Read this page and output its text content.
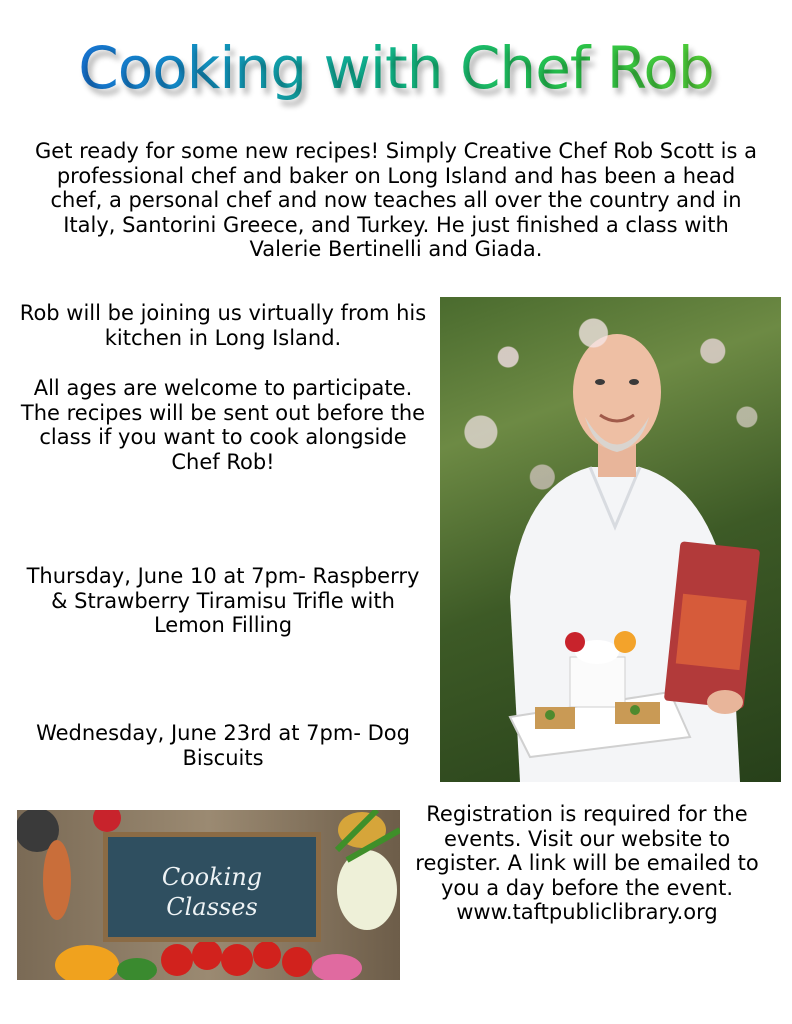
Cooking with Chef Rob

Get ready for some new recipes! Simply Creative Chef Rob Scott is a professional chef and baker on Long Island and has been a head chef, a personal chef and now teaches all over the country and in Italy, Santorini Greece, and Turkey. He just finished a class with Valerie Bertinelli and Giada.

Rob will be joining us virtually from his kitchen in Long Island.

All ages are welcome to participate. The recipes will be sent out before the class if you want to cook alongside Chef Rob!

Thursday, June 10 at 7pm- Raspberry & Strawberry Tiramisu Trifle with Lemon Filling

Wednesday, June 23rd at 7pm- Dog Biscuits

Cooking
Classes

Registration is required for the events. Visit our website to register. A link will be emailed to you a day before the event.
www.taftpubliclibrary.org
